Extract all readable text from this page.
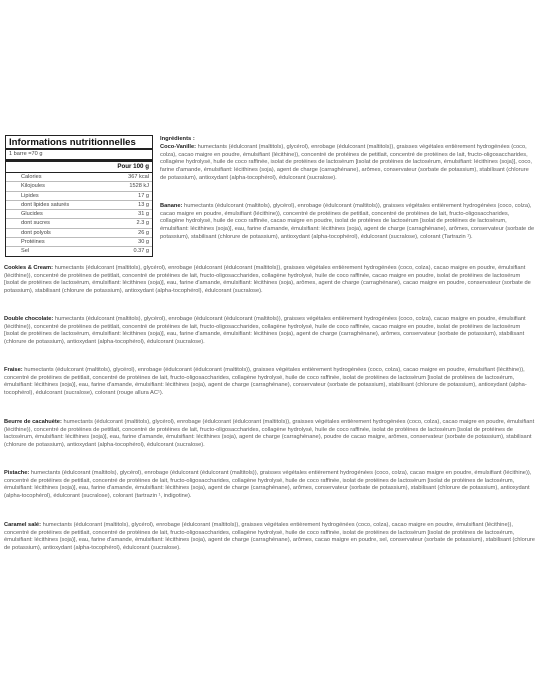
Informations nutritionnelles
1 barre =70 g
Pour 100 g
Calories	367 kcal
Kilojoules	1528 kJ
Lipides	17 g
dont lipides saturés	13 g
Glucides	31 g
dont sucres	2.3 g
dont polyols	26 g
Protéines	30 g
Sel	0.37 g
Ingrédients :
Coco-Vanille: humectants (édulcorant (maltitols), glycérol), enrobage (édulcorant (maltitols)), graisses végétales entièrement hydrogénées (coco, colza), cacao maigre en poudre, émulsifiant (lécithine)), concentré de protéines de petitlait, concentré de protéines de lait, fructo-oligosaccharides, collagène hydrolysé, huile de coco raffinée, isolat de protéines de lactosérum [isolat de protéines de lactosérum, émulsifiant: lécithines (soja)], coco, farine d'amande, émulsifiant: lécithines (soja), agent de charge (carraghénane), arômes, conservateur (sorbate de potassium), stabilisant (chlorure de potassium), antioxydant (alpha-tocophérol), édulcorant (sucralose).
Banane: humectants (édulcorant (maltitols), glycérol), enrobage (édulcorant (maltitols)), graisses végétales entièrement hydrogénées (coco, colza), cacao maigre en poudre, émulsifiant (lécithine)), concentré de protéines de petitlait, concentré de protéines de lait, fructo-oligosaccharides, collagène hydrolysé, huile de coco raffinée, cacao maigre en poudre, isolat de protéines de lactosérum [isolat de protéines de lactosérum, émulsifiant: lécithines (soja)], eau, farine d'amande, émulsifiant: lécithines (soja), agent de charge (carraghénane), arômes, conservateur (sorbate de potassium), stabilisant (chlorure de potassium), antioxydant (alpha-tocophérol), édulcorant (sucralose), colorant (Tartrazin ¹).
Cookies & Cream: humectants (édulcorant (maltitols), glycérol), enrobage (édulcorant (édulcorant (maltitols)), graisses végétales entièrement hydrogénées (coco, colza), cacao maigre en poudre, émulsifiant (lécithine)), concentré de protéines de petitlait, concentré de protéines de lait, fructo-oligosaccharides, collagène hydrolysé, huile de coco raffinée, cacao maigre en poudre, isolat de protéines de lactosérum [isolat de protéines de lactosérum, émulsifiant: lécithines (soja)], eau, farine d'amande, émulsifiant: lécithines (soja), arômes, agent de charge (carraghénane), cacao maigre en poudre, conservateur (sorbate de potassium), stabilisant (chlorure de potassium), antioxydant (alpha-tocophérol), édulcorant (sucralose).
Double chocolate: humectants (édulcorant (maltitols), glycérol), enrobage (édulcorant (édulcorant (maltitols)), graisses végétales entièrement hydrogénées (coco, colza), cacao maigre en poudre, émulsifiant (lécithine)), concentré de protéines de petitlait, concentré de protéines de lait, fructo-oligosaccharides, collagène hydrolysé, huile de coco raffinée, cacao maigre en poudre, isolat de protéines de lactosérum [isolat de protéines de lactosérum, émulsifiant: lécithines (soja)], eau, farine d'amande, émulsifiant: lécithines (soja), agent de charge (carraghénane), arômes, conservateur (sorbate de potassium), stabilisant (chlorure de potassium), antioxydant (alpha-tocophérol), édulcorant (sucralose).
Fraise: humectants (édulcorant (maltitols), glycérol), enrobage (édulcorant (édulcorant (maltitols)), graisses végétales entièrement hydrogénées (coco, colza), cacao maigre en poudre, émulsifiant (lécithine)), concentré de protéines de petitlait, concentré de protéines de lait, fructo-oligosaccharides, collagène hydrolysé, huile de coco raffinée, isolat de protéines de lactosérum [isolat de protéines de lactosérum, émulsifiant: lécithines (soja)], eau, farine d'amande, émulsifiant: lécithines (soja), agent de charge (carraghénane), conservateur (sorbate de potassium), stabilisant (chlorure de potassium), antioxydant (alpha-tocophérol), édulcorant (sucralose), colorant (rouge allura AC¹).
Beurre de cacahuète: humectants (édulcorant (maltitols), glycérol), enrobage (édulcorant (édulcorant (maltitols)), graisses végétales entièrement hydrogénées (coco, colza), cacao maigre en poudre, émulsifiant (lécithine)), concentré de protéines de petitlait, concentré de protéines de lait, fructo-oligosaccharides, collagène hydrolysé, huile de coco raffinée, isolat de protéines de lactosérum [isolat de protéines de lactosérum, émulsifiant: lécithines (soja)], eau, farine d'amande, émulsifiant: lécithines (soja), agent de charge (carraghénane), poudre de cacao maigre, arômes, conservateur (sorbate de potassium), stabilisant (chlorure de potassium), antioxydant (alpha-tocophérol), édulcorant (sucralose).
Pistache: humectants (édulcorant (maltitols), glycérol), enrobage (édulcorant (édulcorant (maltitols)), graisses végétales entièrement hydrogénées (coco, colza), cacao maigre en poudre, émulsifiant (lécithine)), concentré de protéines de petitlait, concentré de protéines de lait, fructo-oligosaccharides, collagène hydrolysé, huile de coco raffinée, isolat de protéines de lactosérum [isolat de protéines de lactosérum, émulsifiant: lécithines (soja)], eau, farine d'amande, émulsifiant: lécithines (soja), agent de charge (carraghénane), arômes, conservateur (sorbate de potassium), stabilisant (chlorure de potassium), antioxydant (alpha-tocophérol), édulcorant (sucralose), colorant (tartrazin ¹, indigotine).
Caramel salé: humectants (édulcorant (maltitols), glycérol), enrobage (édulcorant (maltitols)), graisses végétales entièrement hydrogénées (coco, colza), cacao maigre en poudre, émulsifiant (lécithine)), concentré de protéines de petitlait, concentré de protéines de lait, fructo-oligosaccharides, collagène hydrolysé, huile de coco raffinée, isolat de protéines de lactosérum [isolat de protéines de lactosérum, émulsifiant: lécithines (soja)], eau, farine d'amande, émulsifiant: lécithines (soja), agent de charge (carraghénane), arômes, cacao maigre en poudre, sel, conservateur (sorbate de potassium), stabilisant (chlorure de potassium), antioxydant (alpha-tocophérol), édulcorant (sucralose).
